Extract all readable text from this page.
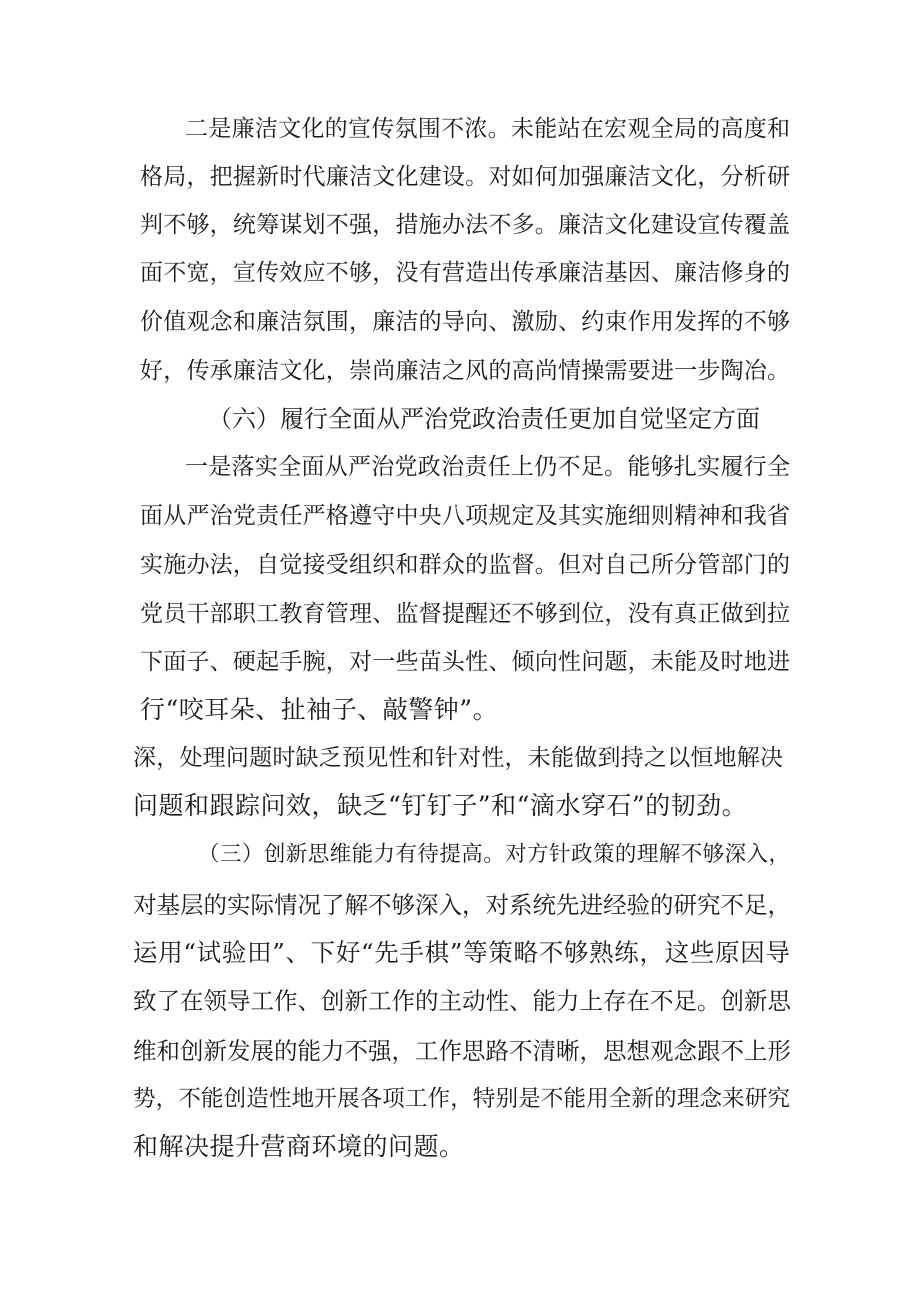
二是廉洁文化的宣传氛围不浓。未能站在宏观全局的高度和
格局，把握新时代廉洁文化建设。对如何加强廉洁文化，分析研
判不够，统筹谋划不强，措施办法不多。廉洁文化建设宣传覆盖
面不宽，宣传效应不够，没有营造出传承廉洁基因、廉洁修身的
价值观念和廉洁氛围，廉洁的导向、激励、约束作用发挥的不够
好，传承廉洁文化，崇尚廉洁之风的高尚情操需要进一步陶冶。
（六）履行全面从严治党政治责任更加自觉坚定方面
一是落实全面从严治党政治责任上仍不足。能够扎实履行全
面从严治党责任严格遵守中央八项规定及其实施细则精神和我省
实施办法，自觉接受组织和群众的监督。但对自己所分管部门的
党员干部职工教育管理、监督提醒还不够到位，没有真正做到拉
下面子、硬起手腕，对一些苗头性、倾向性问题，未能及时地进
行“咬耳朵、扯袖子、敲警钟”。
深，处理问题时缺乏预见性和针对性，未能做到持之以恒地解决
问题和跟踪问效，缺乏“钉钉子”和“滴水穿石”的韧劲。
（三）创新思维能力有待提高。对方针政策的理解不够深入，
对基层的实际情况了解不够深入，对系统先进经验的研究不足，
运用“试验田”、下好“先手棋”等策略不够熟练，这些原因导
致了在领导工作、创新工作的主动性、能力上存在不足。创新思
维和创新发展的能力不强，工作思路不清晰，思想观念跟不上形
势，不能创造性地开展各项工作，特别是不能用全新的理念来研究
和解决提升营商环境的问题。
